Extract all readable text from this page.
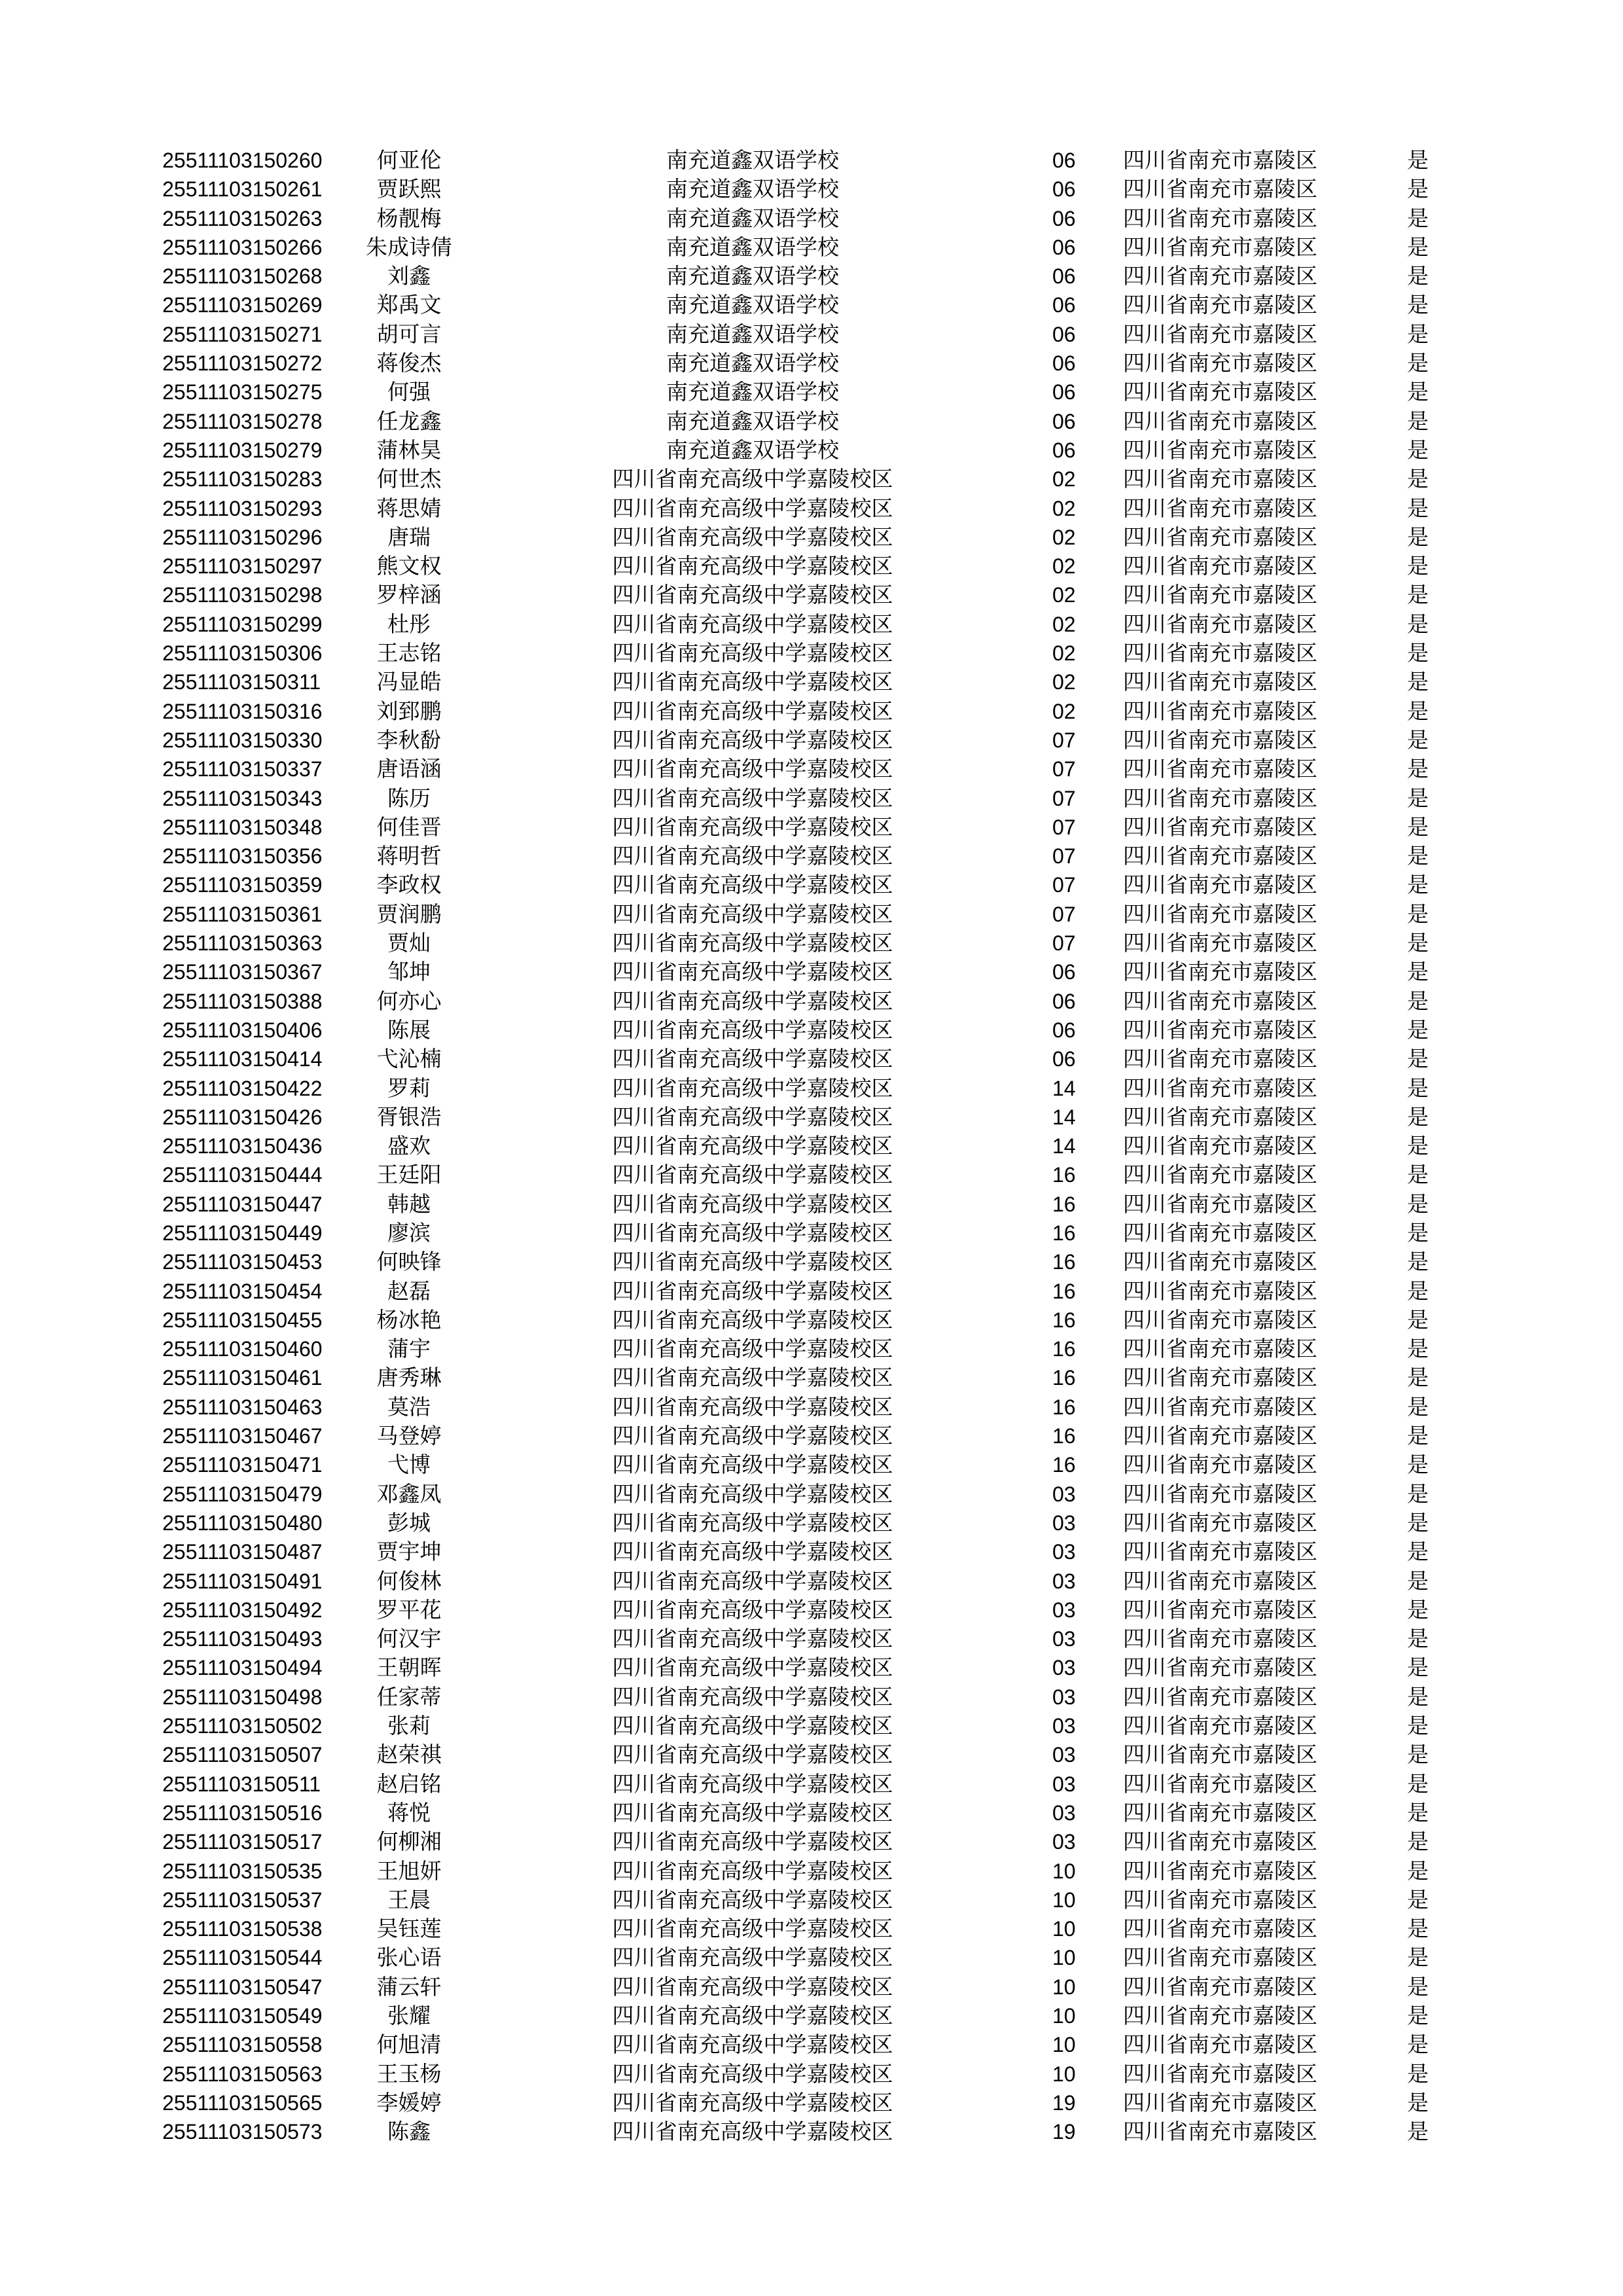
25511103150260	何亚伦	南充道鑫双语学校	06 四川省南充市嘉陵区	是
25511103150261	贾跃熙	南充道鑫双语学校	06 四川省南充市嘉陵区	是
25511103150263	杨靓梅	南充道鑫双语学校	06 四川省南充市嘉陵区	是
25511103150266	朱成诗倩	南充道鑫双语学校	06 四川省南充市嘉陵区	是
25511103150268	刘鑫	南充道鑫双语学校	06 四川省南充市嘉陵区	是
25511103150269	郑禹文	南充道鑫双语学校	06 四川省南充市嘉陵区	是
25511103150271	胡可言	南充道鑫双语学校	06 四川省南充市嘉陵区	是
25511103150272	蒋俊杰	南充道鑫双语学校	06 四川省南充市嘉陵区	是
25511103150275	何强	南充道鑫双语学校	06 四川省南充市嘉陵区	是
25511103150278	任龙鑫	南充道鑫双语学校	06 四川省南充市嘉陵区	是
25511103150279	蒲林昊	南充道鑫双语学校	06 四川省南充市嘉陵区	是
25511103150283	何世杰	四川省南充高级中学嘉陵校区	02 四川省南充市嘉陵区	是
25511103150293	蒋思婧	四川省南充高级中学嘉陵校区	02 四川省南充市嘉陵区	是
25511103150296	唐瑞	四川省南充高级中学嘉陵校区	02 四川省南充市嘉陵区	是
25511103150297	熊文权	四川省南充高级中学嘉陵校区	02 四川省南充市嘉陵区	是
25511103150298	罗梓涵	四川省南充高级中学嘉陵校区	02 四川省南充市嘉陵区	是
25511103150299	杜彤	四川省南充高级中学嘉陵校区	02 四川省南充市嘉陵区	是
25511103150306	王志铭	四川省南充高级中学嘉陵校区	02 四川省南充市嘉陵区	是
25511103150311	冯显皓	四川省南充高级中学嘉陵校区	02 四川省南充市嘉陵区	是
25511103150316	刘郅鹏	四川省南充高级中学嘉陵校区	02 四川省南充市嘉陵区	是
25511103150330	李秋馚	四川省南充高级中学嘉陵校区	07 四川省南充市嘉陵区	是
25511103150337	唐语涵	四川省南充高级中学嘉陵校区	07 四川省南充市嘉陵区	是
25511103150343	陈历	四川省南充高级中学嘉陵校区	07 四川省南充市嘉陵区	是
25511103150348	何佳晋	四川省南充高级中学嘉陵校区	07 四川省南充市嘉陵区	是
25511103150356	蒋明哲	四川省南充高级中学嘉陵校区	07 四川省南充市嘉陵区	是
25511103150359	李政权	四川省南充高级中学嘉陵校区	07 四川省南充市嘉陵区	是
25511103150361	贾润鹏	四川省南充高级中学嘉陵校区	07 四川省南充市嘉陵区	是
25511103150363	贾灿	四川省南充高级中学嘉陵校区	07 四川省南充市嘉陵区	是
25511103150367	邹坤	四川省南充高级中学嘉陵校区	06 四川省南充市嘉陵区	是
25511103150388	何亦心	四川省南充高级中学嘉陵校区	06 四川省南充市嘉陵区	是
25511103150406	陈展	四川省南充高级中学嘉陵校区	06 四川省南充市嘉陵区	是
25511103150414	弋沁楠	四川省南充高级中学嘉陵校区	06 四川省南充市嘉陵区	是
25511103150422	罗莉	四川省南充高级中学嘉陵校区	14 四川省南充市嘉陵区	是
25511103150426	胥银浩	四川省南充高级中学嘉陵校区	14 四川省南充市嘉陵区	是
25511103150436	盛欢	四川省南充高级中学嘉陵校区	14 四川省南充市嘉陵区	是
25511103150444	王廷阳	四川省南充高级中学嘉陵校区	16 四川省南充市嘉陵区	是
25511103150447	韩越	四川省南充高级中学嘉陵校区	16 四川省南充市嘉陵区	是
25511103150449	廖滨	四川省南充高级中学嘉陵校区	16 四川省南充市嘉陵区	是
25511103150453	何映锋	四川省南充高级中学嘉陵校区	16 四川省南充市嘉陵区	是
25511103150454	赵磊	四川省南充高级中学嘉陵校区	16 四川省南充市嘉陵区	是
25511103150455	杨冰艳	四川省南充高级中学嘉陵校区	16 四川省南充市嘉陵区	是
25511103150460	蒲宇	四川省南充高级中学嘉陵校区	16 四川省南充市嘉陵区	是
25511103150461	唐秀琳	四川省南充高级中学嘉陵校区	16 四川省南充市嘉陵区	是
25511103150463	莫浩	四川省南充高级中学嘉陵校区	16 四川省南充市嘉陵区	是
25511103150467	马登婷	四川省南充高级中学嘉陵校区	16 四川省南充市嘉陵区	是
25511103150471	弋博	四川省南充高级中学嘉陵校区	16 四川省南充市嘉陵区	是
25511103150479	邓鑫凤	四川省南充高级中学嘉陵校区	03 四川省南充市嘉陵区	是
25511103150480	彭城	四川省南充高级中学嘉陵校区	03 四川省南充市嘉陵区	是
25511103150487	贾宇坤	四川省南充高级中学嘉陵校区	03 四川省南充市嘉陵区	是
25511103150491	何俊林	四川省南充高级中学嘉陵校区	03 四川省南充市嘉陵区	是
25511103150492	罗平花	四川省南充高级中学嘉陵校区	03 四川省南充市嘉陵区	是
25511103150493	何汉宇	四川省南充高级中学嘉陵校区	03 四川省南充市嘉陵区	是
25511103150494	王朝晖	四川省南充高级中学嘉陵校区	03 四川省南充市嘉陵区	是
25511103150498	任家蒂	四川省南充高级中学嘉陵校区	03 四川省南充市嘉陵区	是
25511103150502	张莉	四川省南充高级中学嘉陵校区	03 四川省南充市嘉陵区	是
25511103150507	赵荣祺	四川省南充高级中学嘉陵校区	03 四川省南充市嘉陵区	是
25511103150511	赵启铭	四川省南充高级中学嘉陵校区	03 四川省南充市嘉陵区	是
25511103150516	蒋悦	四川省南充高级中学嘉陵校区	03 四川省南充市嘉陵区	是
25511103150517	何柳湘	四川省南充高级中学嘉陵校区	03 四川省南充市嘉陵区	是
25511103150535	王旭妍	四川省南充高级中学嘉陵校区	10 四川省南充市嘉陵区	是
25511103150537	王晨	四川省南充高级中学嘉陵校区	10 四川省南充市嘉陵区	是
25511103150538	吴钰莲	四川省南充高级中学嘉陵校区	10 四川省南充市嘉陵区	是
25511103150544	张心语	四川省南充高级中学嘉陵校区	10 四川省南充市嘉陵区	是
25511103150547	蒲云轩	四川省南充高级中学嘉陵校区	10 四川省南充市嘉陵区	是
25511103150549	张耀	四川省南充高级中学嘉陵校区	10 四川省南充市嘉陵区	是
25511103150558	何旭清	四川省南充高级中学嘉陵校区	10 四川省南充市嘉陵区	是
25511103150563	王玉杨	四川省南充高级中学嘉陵校区	10 四川省南充市嘉陵区	是
25511103150565	李媛婷	四川省南充高级中学嘉陵校区	19 四川省南充市嘉陵区	是
25511103150573	陈鑫	四川省南充高级中学嘉陵校区	19 四川省南充市嘉陵区	是
